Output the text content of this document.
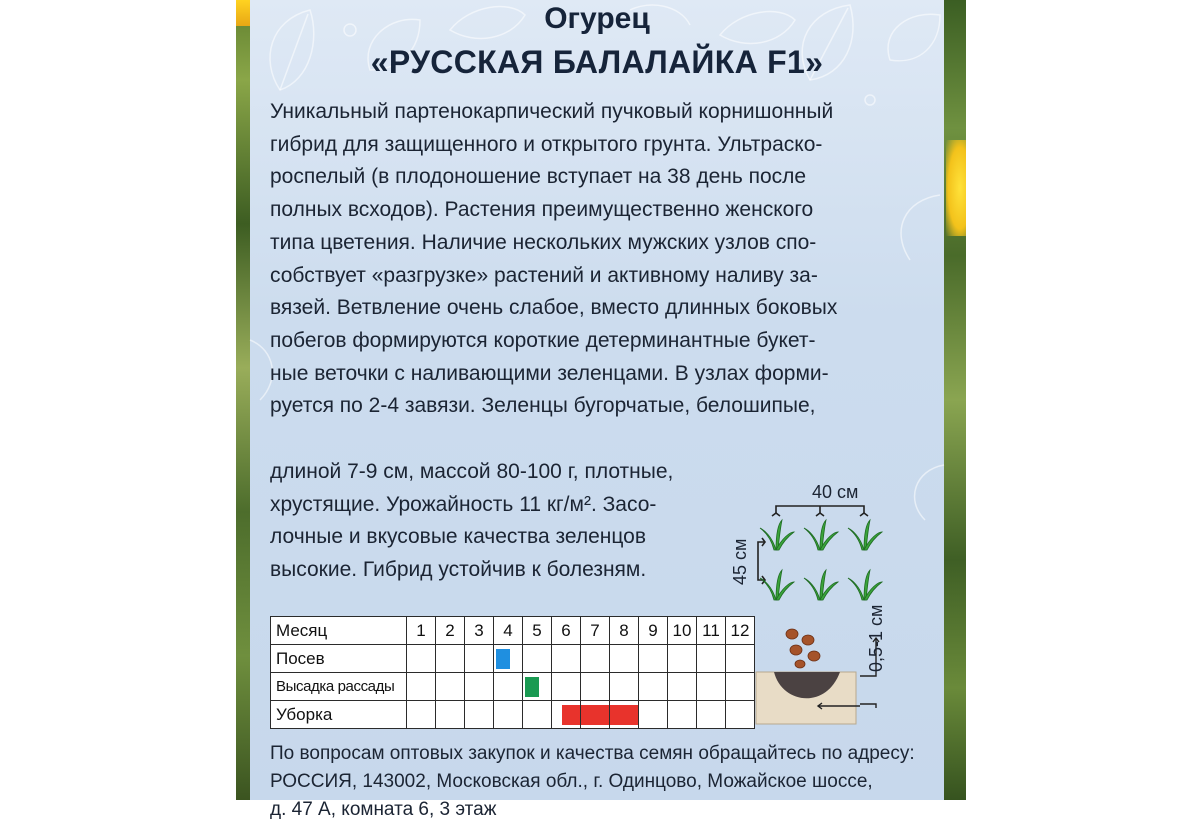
Огурец
«РУССКАЯ БАЛАЛАЙКА F1»

Уникальный партенокарпический пучковый корнишонный
гибрид для защищенного и открытого грунта. Ультраско-
роспелый (в плодоношение вступает на 38 день после
полных всходов). Растения преимущественно женского
типа цветения. Наличие нескольких мужских узлов спо-
собствует «разгрузке» растений и активному наливу за-
вязей. Ветвление очень слабое, вместо длинных боковых
побегов формируются короткие детерминантные букет-
ные веточки с наливающими зеленцами. В узлах форми-
руется по 2-4 завязи. Зеленцы бугорчатые, белошипые,

длиной 7-9 см, массой 80-100 г, плотные,
хрустящие. Урожайность 11 кг/м². Засо-
лочные и вкусовые качества зеленцов
высокие. Гибрид устойчив к болезням.

40 см
45 см
Месяц	1	2	3	4	5	6	7	8	9	10	11	12
Посев				

Высадка рассады					

Уборка						

0,5-1 см

По вопросам оптовых закупок и качества семян обращайтесь по адресу:
РОССИЯ, 143002, Московская обл., г. Одинцово, Можайское шоссе,
д. 47 А, комната 6, 3 этаж
